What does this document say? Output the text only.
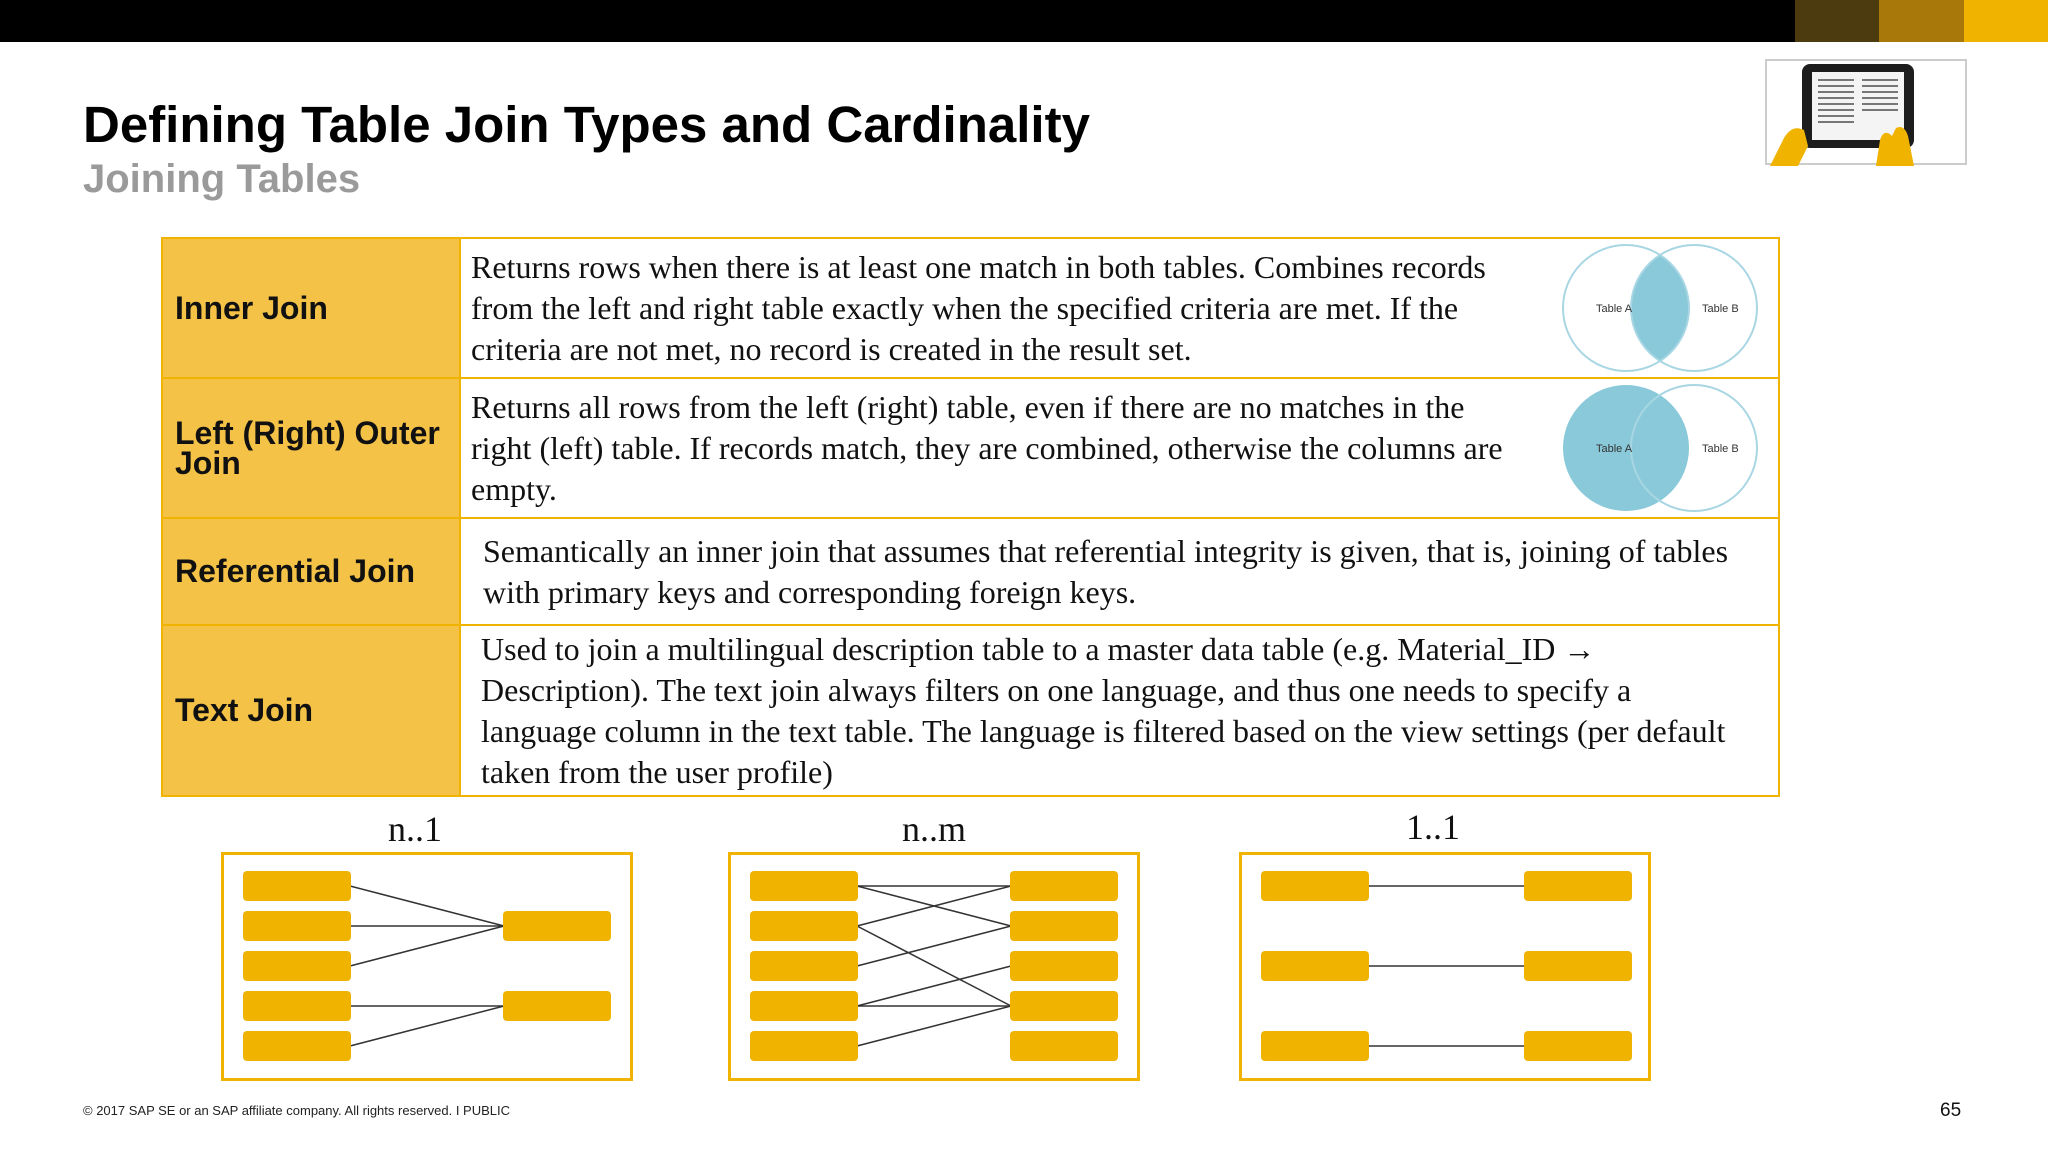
Defining Table Join Types and Cardinality
Joining Tables
Inner Join	Returns rows when there is at least one match in both tables. Combines records from the left and right table exactly when the specified criteria are met. If the criteria are not met, no record is created in the result set.
Table A Table B

Left (Right) Outer Join	Returns all rows from the left (right) table, even if there are no matches in the right (left) table. If records match, they are combined, otherwise the columns are empty.
Table A Table B

Referential Join	Semantically an inner join that assumes that referential integrity is given, that is, joining of tables with primary keys and corresponding foreign keys.

Text Join	Used to join a multilingual description table to a master data table (e.g. Material_ID → Description). The text join always filters on one language, and thus one needs to specify a language column in the text table. The language is filtered based on the view settings (per default taken from the user profile)
n..1	n..m	1..1
© 2017 SAP SE or an SAP affiliate company. All rights reserved. I PUBLIC	65
